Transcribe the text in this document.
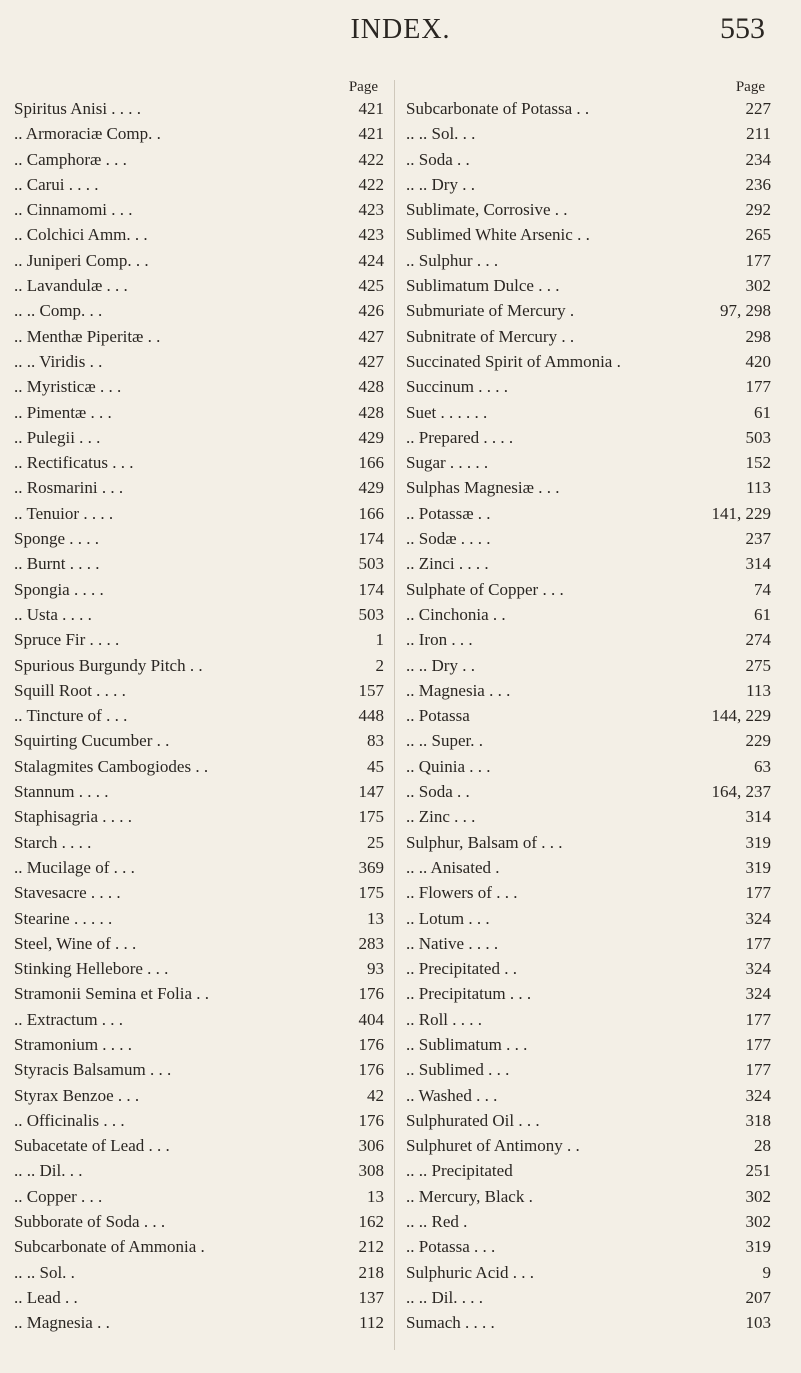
INDEX.	553
Page
Spiritus Anisi . . . .	421
.. Armoraciæ Comp. .	421
.. Camphoræ . . .	422
.. Carui . . . .	422
.. Cinnamomi . . .	423
.. Colchici Amm. . .	423
.. Juniperi Comp. . .	424
.. Lavandulæ . . .	425
.. .. Comp. . .	426
.. Menthæ Piperitæ . .	427
.. .. Viridis . .	427
.. Myristicæ . . .	428
.. Pimentæ . . .	428
.. Pulegii . . .	429
.. Rectificatus . . .	166
.. Rosmarini . . .	429
.. Tenuior . . . .	166
Sponge . . . .	174
.. Burnt . . . .	503
Spongia . . . .	174
.. Usta . . . .	503
Spruce Fir . . . .	1
Spurious Burgundy Pitch . .	2
Squill Root . . . .	157
.. Tincture of . . .	448
Squirting Cucumber . .	83
Stalagmites Cambogiodes . .	45
Stannum . . . .	147
Staphisagria . . . .	175
Starch . . . .	25
.. Mucilage of . . .	369
Stavesacre . . . .	175
Stearine . . . . .	13
Steel, Wine of . . .	283
Stinking Hellebore . . .	93
Stramonii Semina et Folia . .	176
.. Extractum . . .	404
Stramonium . . . .	176
Styracis Balsamum . . .	176
Styrax Benzoe . . .	42
.. Officinalis . . .	176
Subacetate of Lead . . .	306
.. .. Dil. . .	308
.. Copper . . .	13
Subborate of Soda . . .	162
Subcarbonate of Ammonia .	212
.. .. Sol. .	218
.. Lead . .	137
.. Magnesia . .	112
Page
Subcarbonate of Potassa . .	227
.. .. Sol. . .	211
.. Soda . .	234
.. .. Dry . .	236
Sublimate, Corrosive . .	292
Sublimed White Arsenic . .	265
.. Sulphur . . .	177
Sublimatum Dulce . . .	302
Submuriate of Mercury .	97, 298
Subnitrate of Mercury . .	298
Succinated Spirit of Ammonia .	420
Succinum . . . .	177
Suet . . . . . .	61
.. Prepared . . . .	503
Sugar . . . . .	152
Sulphas Magnesiæ . . .	113
.. Potassæ . .	141, 229
.. Sodæ . . . .	237
.. Zinci . . . .	314
Sulphate of Copper . . .	74
.. Cinchonia . .	61
.. Iron . . .	274
.. .. Dry . .	275
.. Magnesia . . .	113
.. Potassa	144, 229
.. .. Super. .	229
.. Quinia . . .	63
.. Soda . .	164, 237
.. Zinc . . .	314
Sulphur, Balsam of . . .	319
.. .. Anisated .	319
.. Flowers of . . .	177
.. Lotum . . .	324
.. Native . . . .	177
.. Precipitated . .	324
.. Precipitatum . . .	324
.. Roll . . . .	177
.. Sublimatum . . .	177
.. Sublimed . . .	177
.. Washed . . .	324
Sulphurated Oil . . .	318
Sulphuret of Antimony . .	28
.. .. Precipitated	251
.. Mercury, Black .	302
.. .. Red .	302
.. Potassa . . .	319
Sulphuric Acid . . .	9
.. .. Dil. . . .	207
Sumach . . . .	103
